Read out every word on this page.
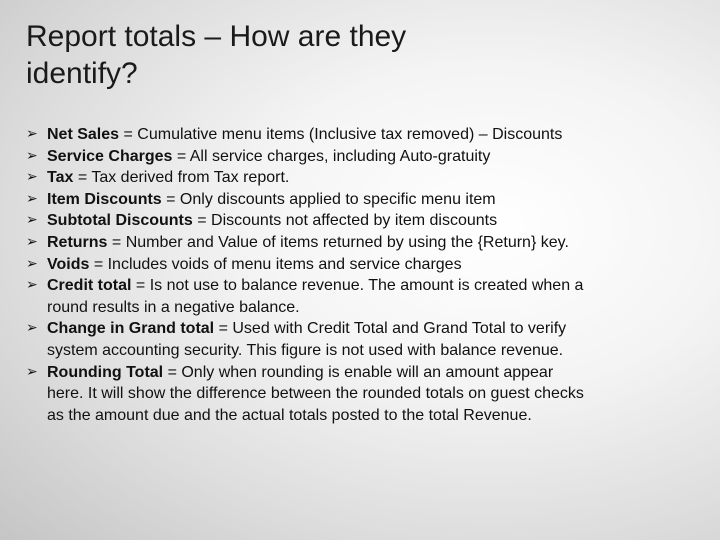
Report totals – How are they
identify?
➢ Net Sales = Cumulative menu items (Inclusive tax removed) – Discounts
➢ Service Charges = All service charges, including Auto-gratuity
➢ Tax = Tax derived from Tax report.
➢ Item Discounts = Only discounts applied to specific menu item
➢ Subtotal Discounts = Discounts not affected by item discounts
➢ Returns = Number and Value of items returned by using the {Return} key.
➢ Voids = Includes voids of menu items and service charges
➢ Credit total = Is not use to balance revenue. The amount is created when a round results in a negative balance.
➢ Change in Grand total = Used with Credit Total and Grand Total to verify system accounting security. This figure is not used with balance revenue.
➢ Rounding Total = Only when rounding is enable will an amount appear here. It will show the difference between the rounded totals on guest checks as the amount due and the actual totals posted to the total Revenue.
